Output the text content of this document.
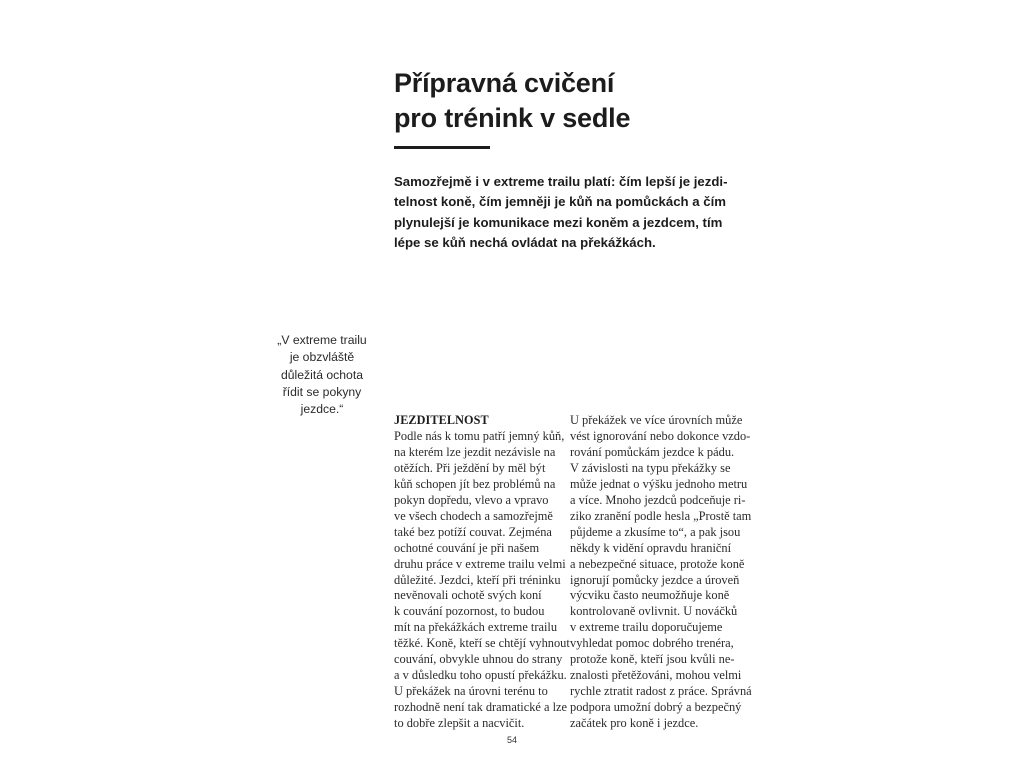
Přípravná cvičení
pro trénink v sedle

Samozřejmě i v extreme trailu platí: čím lepší je jezdi-
telnost koně, čím jemněji je kůň na pomůckách a čím
plynulejší je komunikace mezi koněm a jezdcem, tím
lépe se kůň nechá ovládat na překážkách.

„V extreme trailu
je obzvláště
důležitá ochota
řídit se pokyny
jezdce.“

JEZDITELNOST
Podle nás k tomu patří jemný kůň,
na kterém lze jezdit nezávisle na
otěžích. Při ježdění by měl být
kůň schopen jít bez problémů na
pokyn dopředu, vlevo a vpravo
ve všech chodech a samozřejmě
také bez potíží couvat. Zejména
ochotné couvání je při našem
druhu práce v extreme trailu velmi
důležité. Jezdci, kteří při tréninku
nevěnovali ochotě svých koní
k couvání pozornost, to budou
mít na překážkách extreme trailu
těžké. Koně, kteří se chtějí vyhnout
couvání, obvykle uhnou do strany
a v důsledku toho opustí překážku.
U překážek na úrovni terénu to
rozhodně není tak dramatické a lze
to dobře zlepšit a nacvičit.
U překážek ve více úrovních může
vést ignorování nebo dokonce vzdo-
rování pomůckám jezdce k pádu.
V závislosti na typu překážky se
může jednat o výšku jednoho metru
a více. Mnoho jezdců podceňuje ri-
ziko zranění podle hesla „Prostě tam
půjdeme a zkusíme to“, a pak jsou
někdy k vidění opravdu hraniční
a nebezpečné situace, protože koně
ignorují pomůcky jezdce a úroveň
výcviku často neumožňuje koně
kontrolovaně ovlivnit. U nováčků
v extreme trailu doporučujeme
vyhledat pomoc dobrého trenéra,
protože koně, kteří jsou kvůli ne-
znalosti přetěžováni, mohou velmi
rychle ztratit radost z práce. Správná
podpora umožní dobrý a bezpečný
začátek pro koně i jezdce.
54
